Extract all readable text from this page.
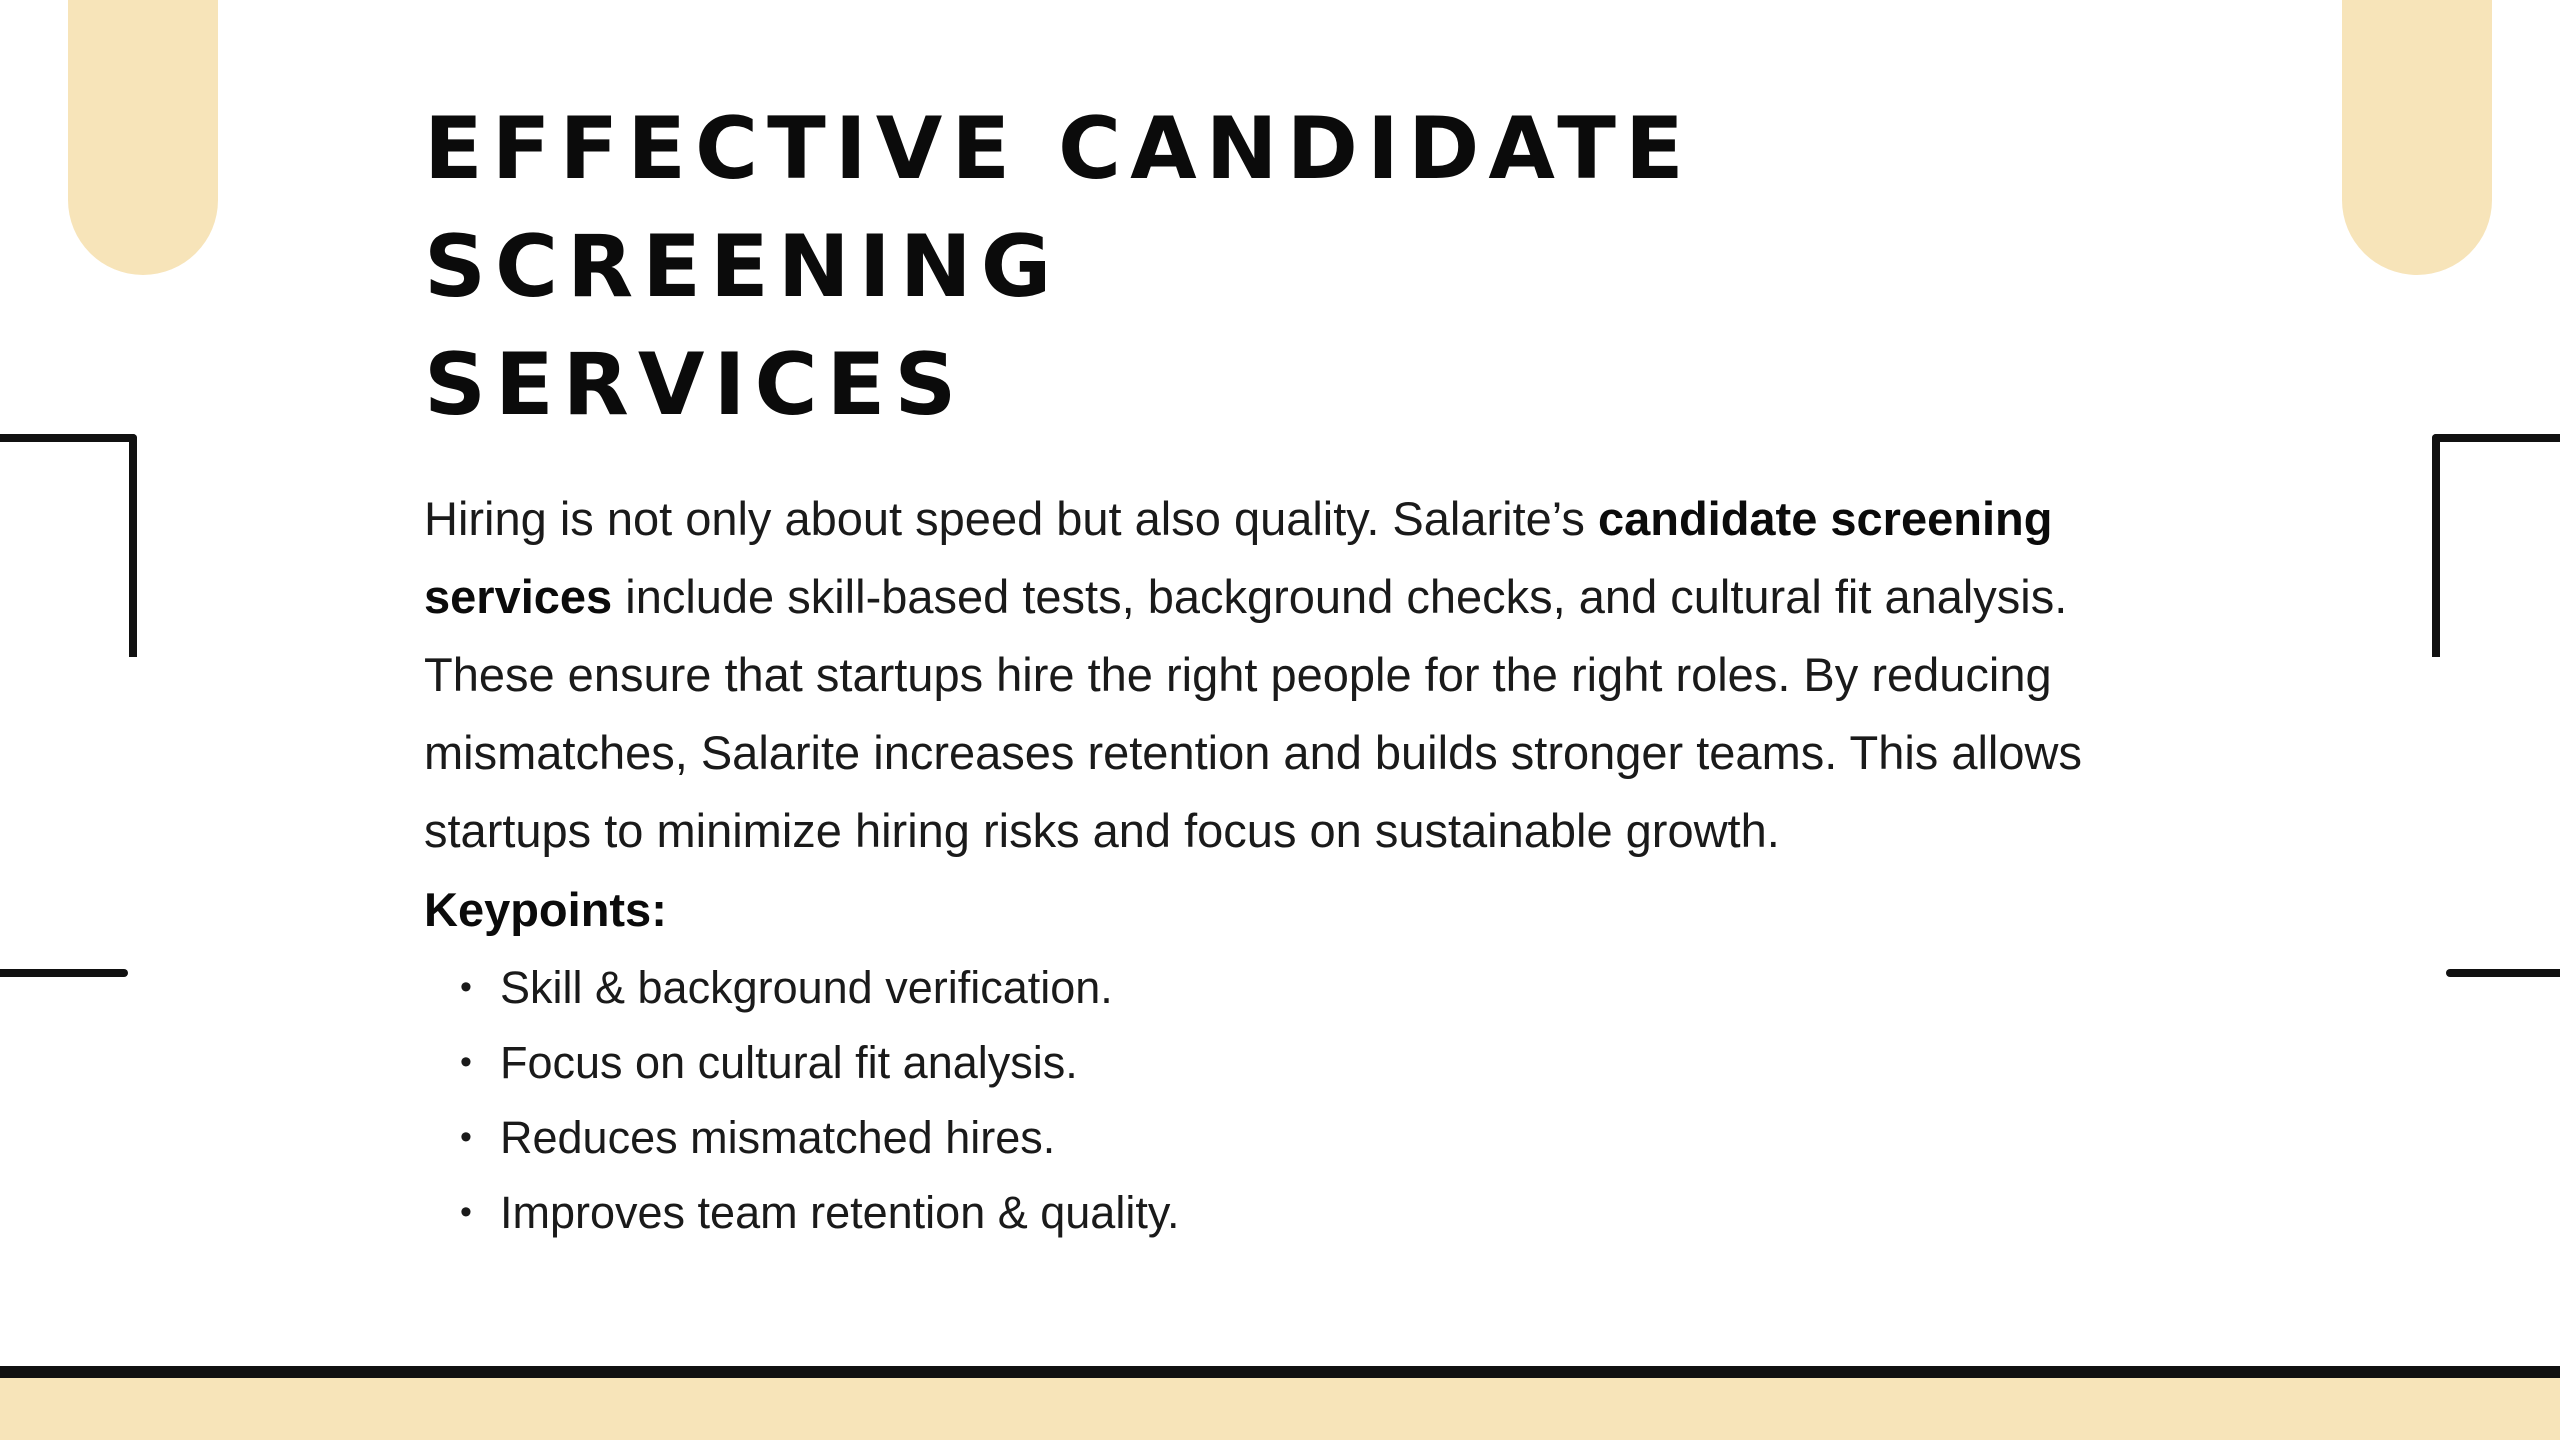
EFFECTIVE CANDIDATE SCREENING
SERVICES

Hiring is not only about speed but also quality. Salarite’s candidate screening services include skill-based tests, background checks, and cultural fit analysis. These ensure that startups hire the right people for the right roles. By reducing mismatches, Salarite increases retention and builds stronger teams. This allows startups to minimize hiring risks and focus on sustainable growth.

Keypoints:

• Skill & background verification.
• Focus on cultural fit analysis.
• Reduces mismatched hires.
• Improves team retention & quality.
